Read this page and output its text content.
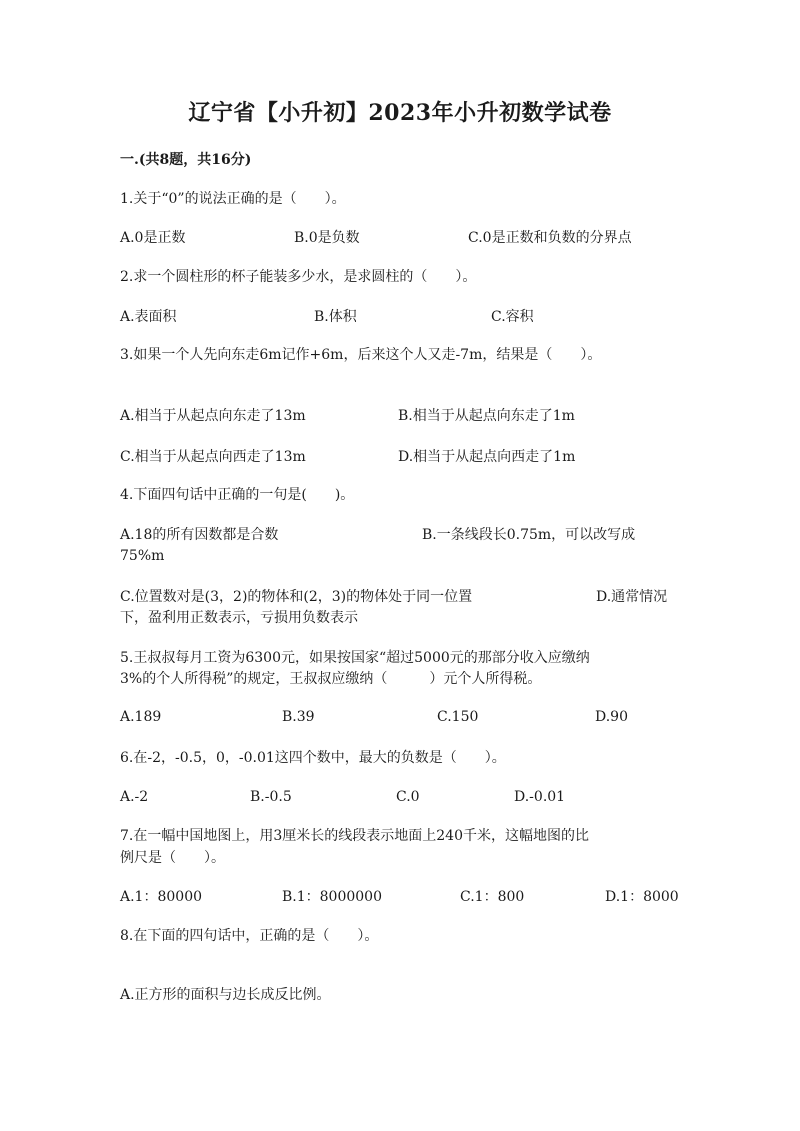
辽宁省【小升初】2023年小升初数学试卷
一.(共8题，共16分)
1.关于“0”的说法正确的是（　　）。
A.0是正数	B.0是负数	C.0是正数和负数的分界点
2.求一个圆柱形的杯子能装多少水，是求圆柱的（　　）。
A.表面积	B.体积	C.容积
3.如果一个人先向东走6m记作+6m，后来这个人又走-7m，结果是（　　）。
A.相当于从起点向东走了13m	B.相当于从起点向东走了1m
C.相当于从起点向西走了13m	D.相当于从起点向西走了1m
4.下面四句话中正确的一句是(　　)。
A.18的所有因数都是合数	B.一条线段长0.75m，可以改写成
75%m
C.位置数对是(3，2)的物体和(2，3)的物体处于同一位置	D.通常情况
下，盈利用正数表示，亏损用负数表示
5.王叔叔每月工资为6300元，如果按国家“超过5000元的那部分收入应缴纳
3%的个人所得税”的规定，王叔叔应缴纳（　　　）元个人所得税。
A.189	B.39	C.150	D.90
6.在-2，-0.5，0，-0.01这四个数中，最大的负数是（　　）。
A.-2	B.-0.5	C.0	D.-0.01
7.在一幅中国地图上，用3厘米长的线段表示地面上240千米，这幅地图的比
例尺是（　　）。
A.1：80000	B.1：8000000	C.1：800	D.1：8000
8.在下面的四句话中，正确的是（　　）。
A.正方形的面积与边长成反比例。
